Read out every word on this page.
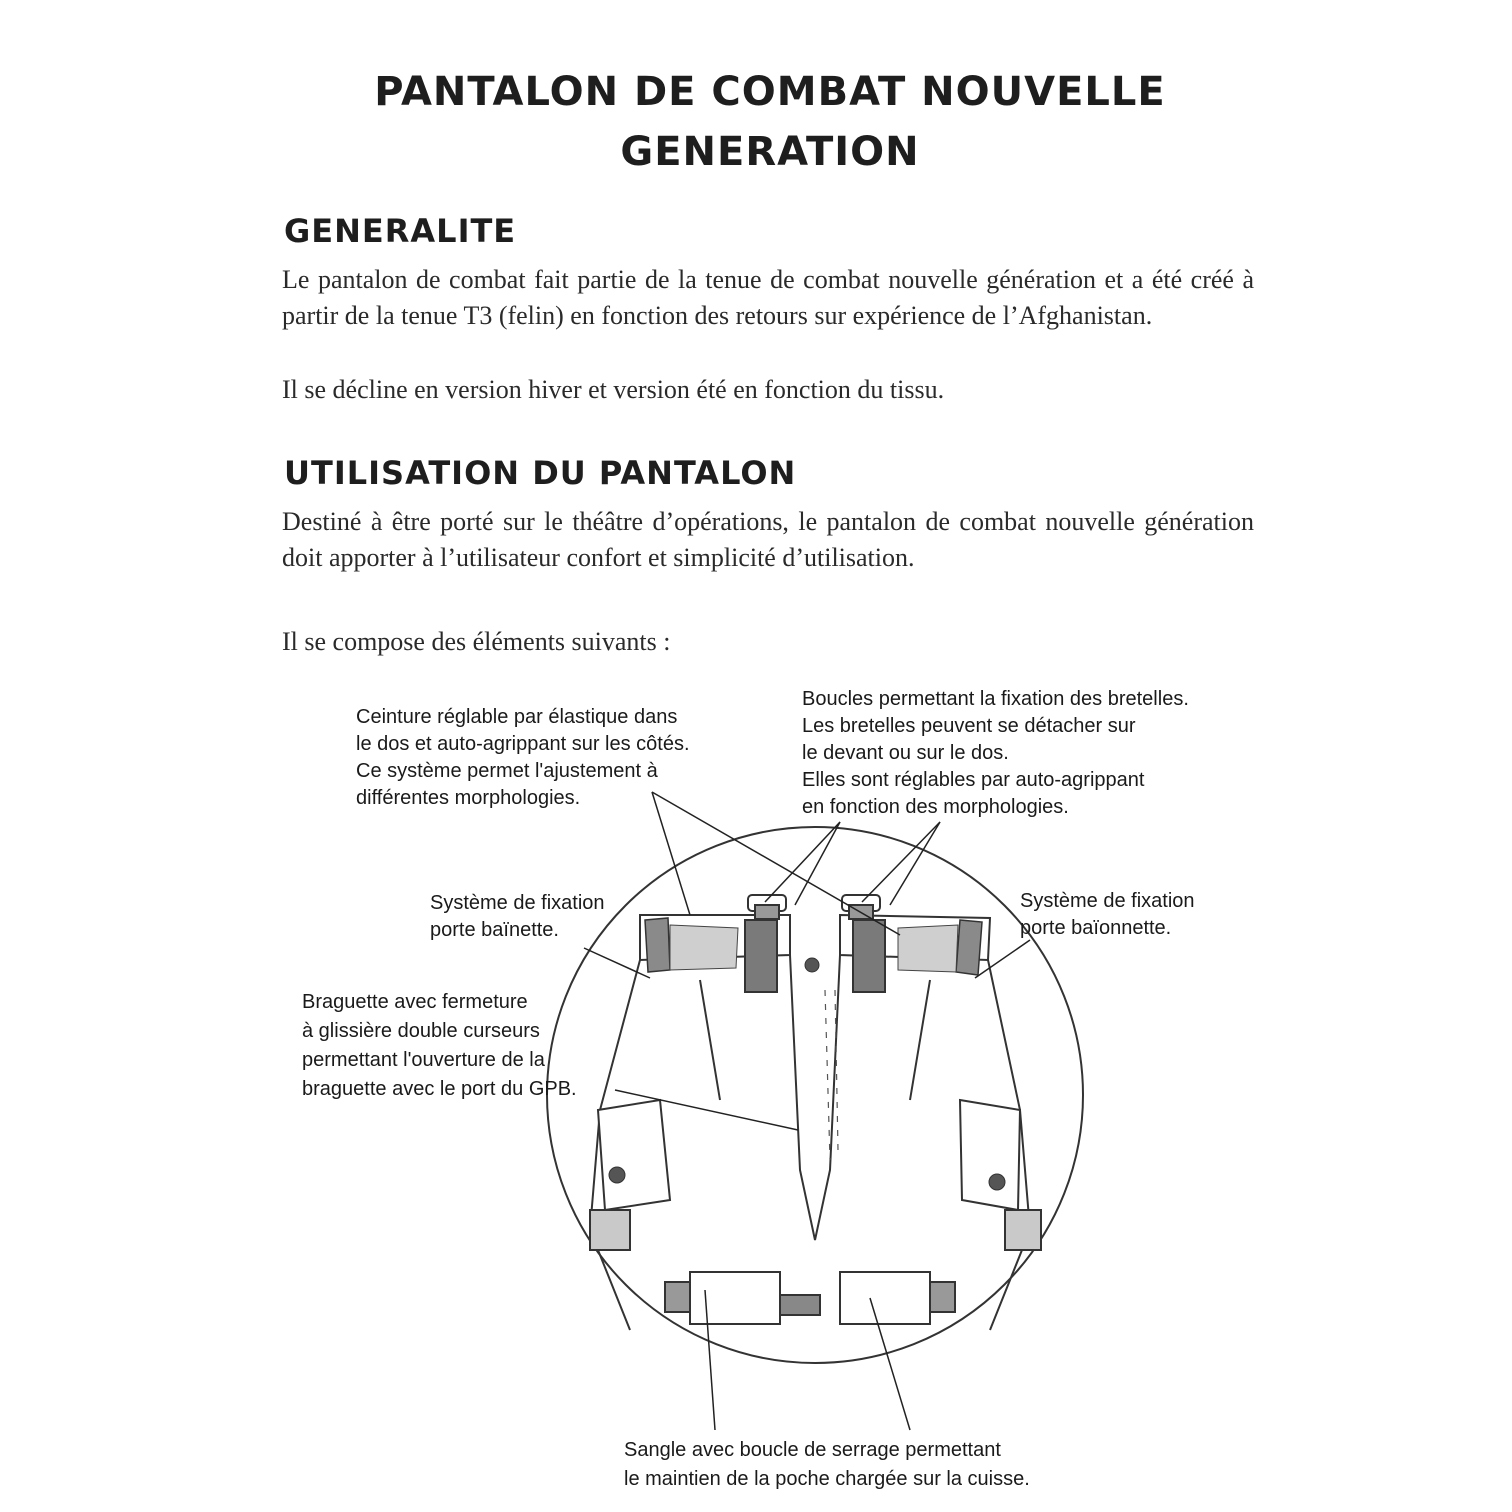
PANTALON DE COMBAT NOUVELLE
GENERATION
GENERALITE

Le pantalon de combat fait partie de la tenue de combat nouvelle génération et a été créé à partir de la tenue T3 (felin) en fonction des retours sur expérience de l’Afghanistan.

Il se décline en version hiver et version été en fonction du tissu.

UTILISATION DU PANTALON

Destiné à être porté sur le théâtre d’opérations, le pantalon de combat nouvelle génération doit apporter à l’utilisateur confort et simplicité d’utilisation.

Il se compose des éléments suivants :

Ceinture réglable par élastique dans
le dos et auto-agrippant sur les côtés.
Ce système permet l'ajustement à
différentes morphologies.
Boucles permettant la fixation des bretelles.
Les bretelles peuvent se détacher sur
le devant ou sur le dos.
Elles sont réglables par auto-agrippant
en fonction des morphologies.
Système de fixation
porte baïnette.
Système de fixation
porte baïonnette.
Braguette avec fermeture
à glissière double curseurs
permettant l'ouverture de la
braguette avec le port du GPB.
Sangle avec boucle de serrage permettant
le maintien de la poche chargée sur la cuisse.
